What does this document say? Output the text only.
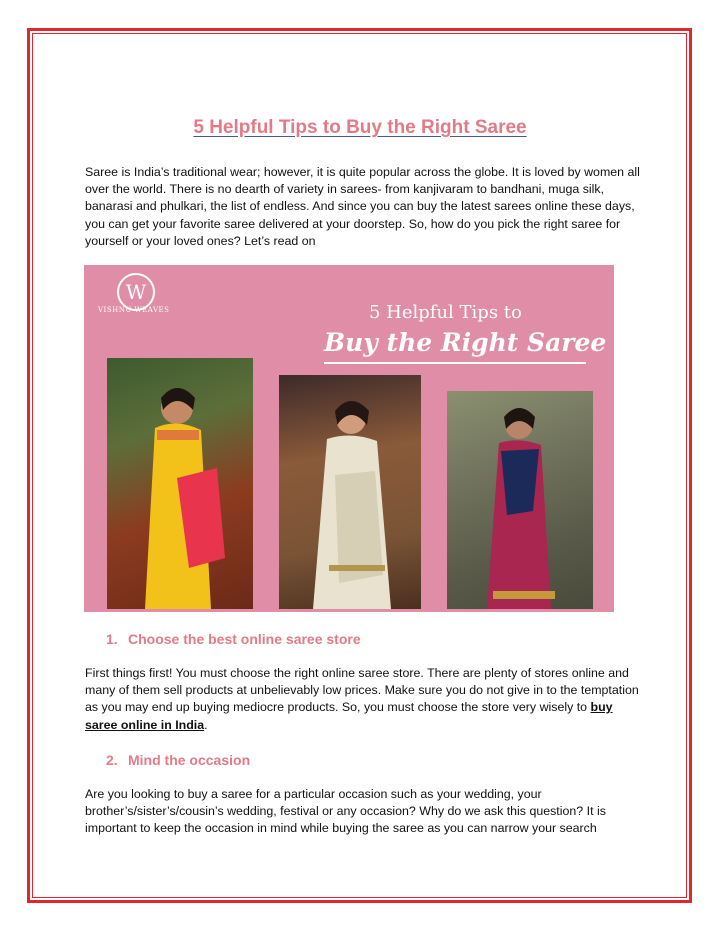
5 Helpful Tips to Buy the Right Saree
Saree is India’s traditional wear; however, it is quite popular across the globe. It is loved by women all over the world. There is no dearth of variety in sarees- from kanjivaram to bandhani, muga silk, banarasi and phulkari, the list of endless. And since you can buy the latest sarees online these days, you can get your favorite saree delivered at your doorstep. So, how do you pick the right saree for yourself or your loved ones? Let’s read on
W
VISHNU WEAVES	5 Helpful Tips to
Buy the Right Saree
1. Choose the best online saree store
First things first! You must choose the right online saree store. There are plenty of stores online and many of them sell products at unbelievably low prices. Make sure you do not give in to the temptation as you may end up buying mediocre products. So, you must choose the store very wisely to buy saree online in India.
2. Mind the occasion
Are you looking to buy a saree for a particular occasion such as your wedding, your brother’s/sister’s/cousin’s wedding, festival or any occasion? Why do we ask this question? It is important to keep the occasion in mind while buying the saree as you can narrow your search
